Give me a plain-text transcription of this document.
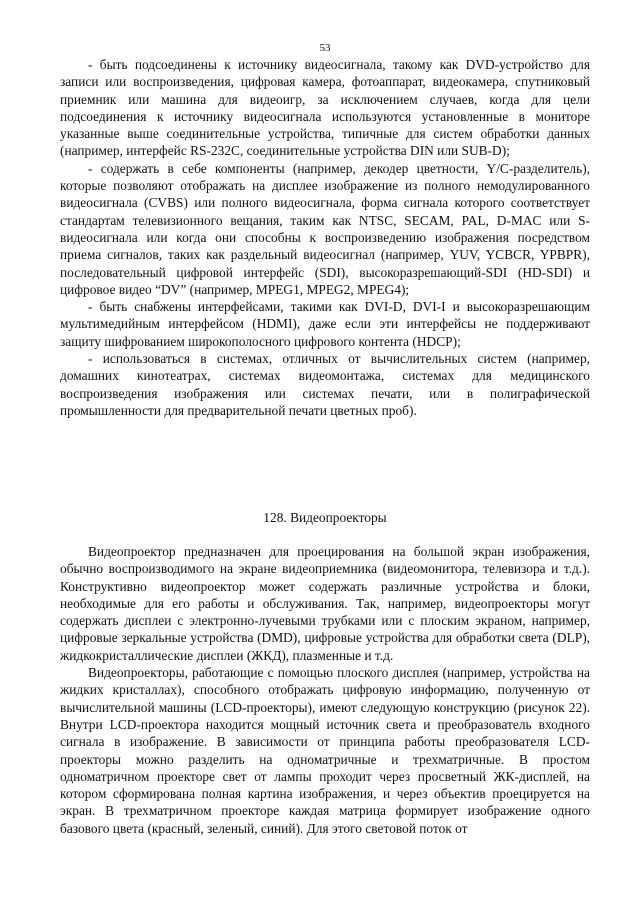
53

- быть подсоединены к источнику видеосигнала, такому как DVD-устройство для записи или воспроизведения, цифровая камера, фотоаппарат, видеокамера, спутниковый приемник или машина для видеоигр, за исключением случаев, когда для цели подсоединения к источнику видеосигнала используются установленные в мониторе указанные выше соединительные устройства, типичные для систем обработки данных (например, интерфейс RS-232C, соединительные устройства DIN или SUB-D);

- содержать в себе компоненты (например, декодер цветности, Y/C-разделитель), которые позволяют отображать на дисплее изображение из полного немодулированного видеосигнала (CVBS) или полного видеосигнала, форма сигнала которого соответствует стандартам телевизионного вещания, таким как NTSC, SECAM, PAL, D-MAC или S-видеосигнала или когда они способны к воспроизведению изображения посредством приема сигналов, таких как раздельный видеосигнал (например, YUV, YCBCR, YPBPR), последовательный цифровой интерфейс (SDI), высокоразрешающий-SDI (HD-SDI) и цифровое видео “DV” (например, MPEG1, MPEG2, MPEG4);

- быть снабжены интерфейсами, такими как DVI-D, DVI-I и высокоразрешающим мультимедийным интерфейсом (HDMI), даже если эти интерфейсы не поддерживают защиту шифрованием широкополосного цифрового контента (HDCP);

- использоваться в системах, отличных от вычислительных систем (например, домашних кинотеатрах, системах видеомонтажа, системах для медицинского воспроизведения изображения или системах печати, или в полиграфической промышленности для предварительной печати цветных проб).

128. Видеопроекторы

Видеопроектор предназначен для проецирования на большой экран изображения, обычно воспроизводимого на экране видеоприемника (видеомонитора, телевизора и т.д.). Конструктивно видеопроектор может содержать различные устройства и блоки, необходимые для его работы и обслуживания. Так, например, видеопроекторы могут содержать дисплеи с электронно-лучевыми трубками или с плоским экраном, например, цифровые зеркальные устройства (DMD), цифровые устройства для обработки света (DLP), жидкокристаллические дисплеи (ЖКД), плазменные и т.д.

Видеопроекторы, работающие с помощью плоского дисплея (например, устройства на жидких кристаллах), способного отображать цифровую информацию, полученную от вычислительной машины (LCD-проекторы), имеют следующую конструкцию (рисунок 22). Внутри LCD-проектора находится мощный источник света и преобразователь входного сигнала в изображение. В зависимости от принципа работы преобразователя LCD-проекторы можно разделить на одноматричные и трехматричные. В простом одноматричном проекторе свет от лампы проходит через просветный ЖК-дисплей, на котором сформирована полная картина изображения, и через объектив проецируется на экран. В трехматричном проекторе каждая матрица формирует изображение одного базового цвета (красный, зеленый, синий). Для этого световой поток от
